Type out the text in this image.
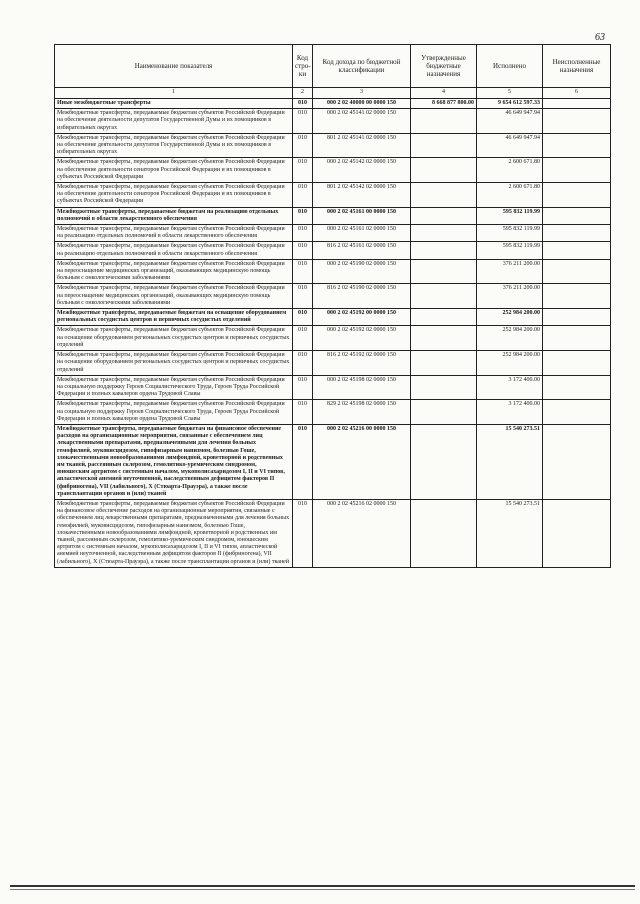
63
Наименование показателя	Код стро-ки	Код дохода по бюджетной классификации	Утвержденные бюджетные назначения	Исполнено	Неисполненные назначения
1	2	3	4	5	6
Иные межбюджетные трансферты	010	000 2 02 40000 00 0000 150	8 668 877 800.00	9 654 612 597.33	
Межбюджетные трансферты, передаваемые бюджетам субъектов Российской Федерации на обеспечение деятельности депутатов Государственной Думы и их помощников в избирательных округах	010	000 2 02 45141 02 0000 150		46 649 947.94	
Межбюджетные трансферты, передаваемые бюджетам субъектов Российской Федерации на обеспечение деятельности депутатов Государственной Думы и их помощников в избирательных округах	010	801 2 02 45141 02 0000 150		46 649 947.94	
Межбюджетные трансферты, передаваемые бюджетам субъектов Российской Федерации на обеспечение деятельности сенаторов Российской Федерации и их помощников в субъектах Российской Федерации	010	000 2 02 45142 02 0000 150		2 600 671.80	
Межбюджетные трансферты, передаваемые бюджетам субъектов Российской Федерации на обеспечение деятельности сенаторов Российской Федерации и их помощников в субъектах Российской Федерации	010	801 2 02 45142 02 0000 150		2 600 671.80	
Межбюджетные трансферты, передаваемые бюджетам на реализацию отдельных полномочий в области лекарственного обеспечения	010	000 2 02 45161 00 0000 150		595 832 119.99	
Межбюджетные трансферты, передаваемые бюджетам субъектов Российской Федерации на реализацию отдельных полномочий в области лекарственного обеспечения	010	000 2 02 45161 02 0000 150		595 832 119.99	
Межбюджетные трансферты, передаваемые бюджетам субъектов Российской Федерации на реализацию отдельных полномочий в области лекарственного обеспечения	010	816 2 02 45161 02 0000 150		595 832 119.99	
Межбюджетные трансферты, передаваемые бюджетам субъектов Российской Федерации на переоснащение медицинских организаций, оказывающих медицинскую помощь больным с онкологическими заболеваниями	010	000 2 02 45190 02 0000 150		376 211 200.00	
Межбюджетные трансферты, передаваемые бюджетам субъектов Российской Федерации на переоснащение медицинских организаций, оказывающих медицинскую помощь больным с онкологическими заболеваниями	010	816 2 02 45190 02 0000 150		376 211 200.00	
Межбюджетные трансферты, передаваемые бюджетам на оснащение оборудованием региональных сосудистых центров и первичных сосудистых отделений	010	000 2 02 45192 00 0000 150		252 984 200.00	
Межбюджетные трансферты, передаваемые бюджетам субъектов Российской Федерации на оснащение оборудованием региональных сосудистых центров и первичных сосудистых отделений	010	000 2 02 45192 02 0000 150		252 984 200.00	
Межбюджетные трансферты, передаваемые бюджетам субъектов Российской Федерации на оснащение оборудованием региональных сосудистых центров и первичных сосудистых отделений	010	816 2 02 45192 02 0000 150		252 984 200.00	
Межбюджетные трансферты, передаваемые бюджетам субъектов Российской Федерации на социальную поддержку Героев Социалистического Труда, Героев Труда Российской Федерации и полных кавалеров ордена Трудовой Славы	010	000 2 02 45198 02 0000 150		3 172 400.00	
Межбюджетные трансферты, передаваемые бюджетам субъектов Российской Федерации на социальную поддержку Героев Социалистического Труда, Героев Труда Российской Федерации и полных кавалеров ордена Трудовой Славы	010	829 2 02 45198 02 0000 150		3 172 400.00	
Межбюджетные трансферты, передаваемые бюджетам на финансовое обеспечение расходов на организационные мероприятия, связанные с обеспечением лиц лекарственными препаратами, предназначенными для лечения больных гемофилией, муковисцидозом, гипофизарным нанизмом, болезнью Гоше, злокачественными новообразованиями лимфоидной, кроветворной и родственных им тканей, рассеянным склерозом, гемолитико-уремическим синдромом, юношеским артритом с системным началом, мукополисахаридозом I, II и VI типов, апластической анемией неуточненной, наследственным дефицитом факторов II (фибриногена), VII (лабильного), X (Стюарта-Прауэра), а также после трансплантации органов и (или) тканей	010	000 2 02 45216 00 0000 150		15 540 273.51	
Межбюджетные трансферты, передаваемые бюджетам субъектов Российской Федерации на финансовое обеспечение расходов на организационные мероприятия, связанные с обеспечением лиц лекарственными препаратами, предназначенными для лечения больных гемофилией, муковисцидозом, гипофизарным нанизмом, болезнью Гоше, злокачественными новообразованиями лимфоидной, кроветворной и родственных им тканей, рассеянным склерозом, гемолитико-уремическим синдромом, юношеским артритом с системным началом, мукополисахаридозом I, II и VI типов, апластической анемией неуточненной, наследственным дефицитом факторов II (фибриногена), VII (лабильного), X (Стюарта-Прауэра), а также после трансплантации органов и (или) тканей	010	000 2 02 45216 02 0000 150		15 540 273.51	
